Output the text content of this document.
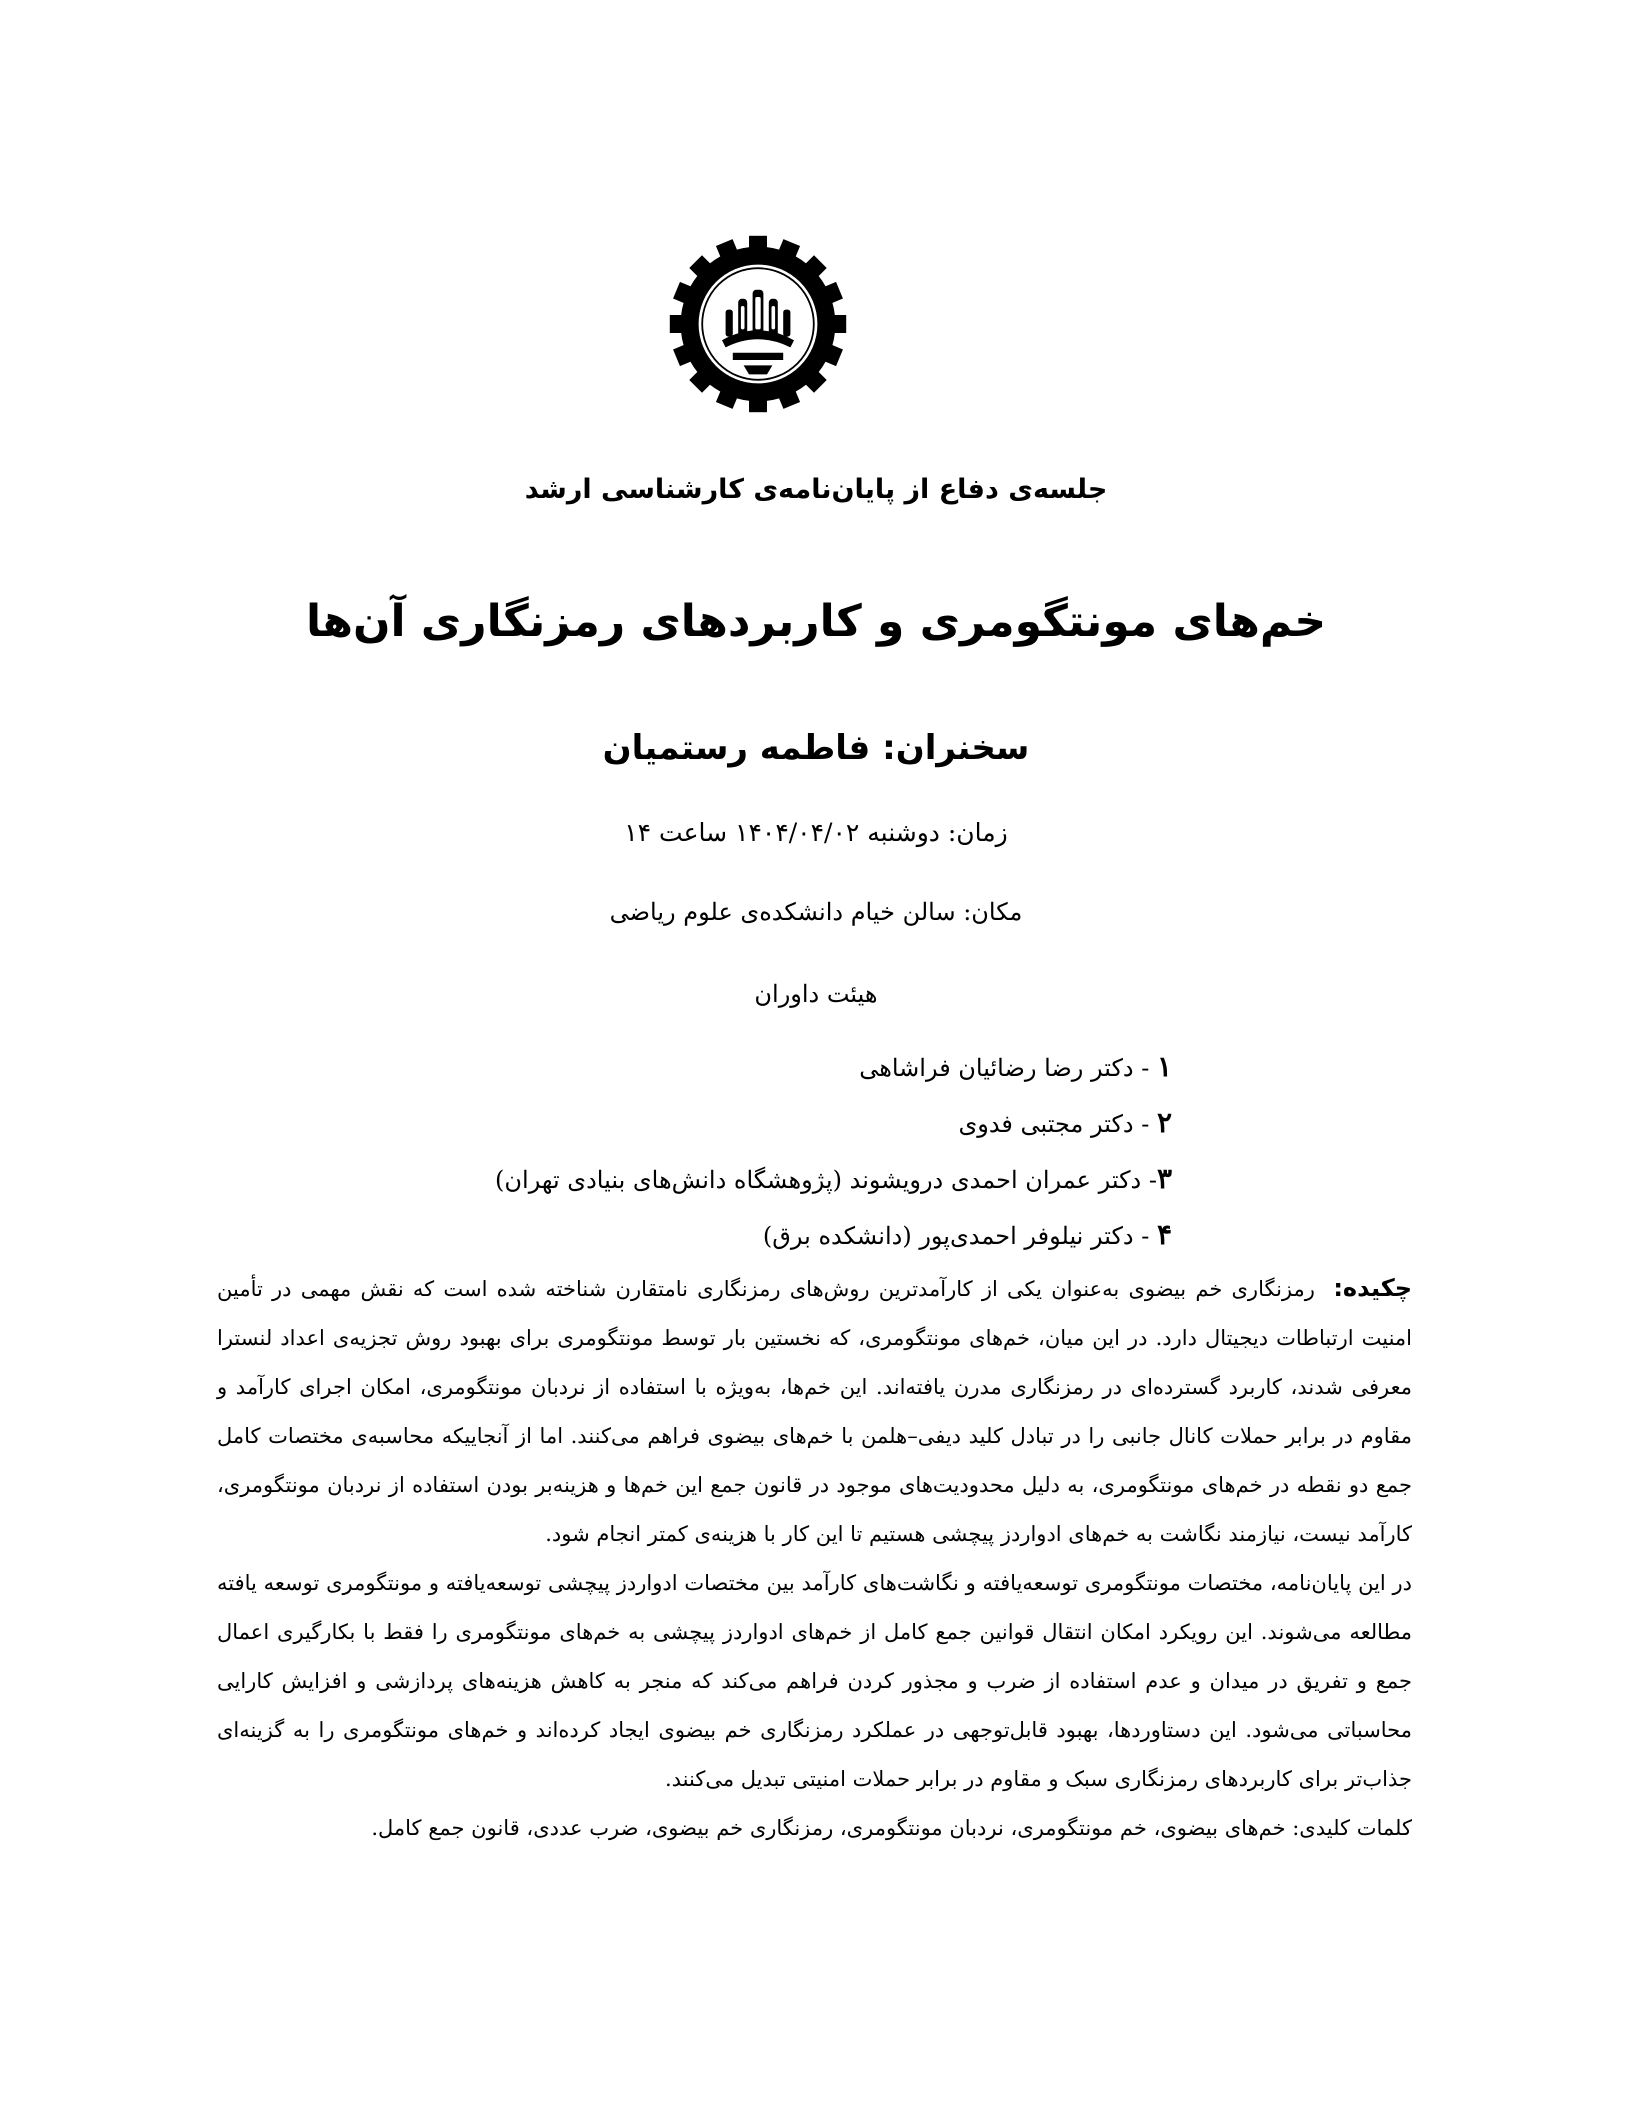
جلسه‌ی دفاع از پایان‌نامه‌ی کارشناسی ارشد
خم‌های مونتگومری و کاربردهای رمزنگاری آن‌ها
سخنران: فاطمه رستمیان
زمان: دوشنبه ۱۴۰۴/۰۴/۰۲ ساعت ۱۴
مکان: سالن خیام دانشکده‌ی علوم ریاضی
هیئت داوران
۱ - دکتر رضا رضائیان فراشاهی
۲ - دکتر مجتبی فدوی
۳- دکتر عمران احمدی درویشوند (پژوهشگاه دانش‌های بنیادی تهران)
۴ - دکتر نیلوفر احمدی‌پور (دانشکده برق)

چکیده:  رمزنگاری خم بیضوی به‌عنوان یکی از کارآمدترین روش‌های رمزنگاری نامتقارن شناخته شده است که نقش مهمی در تأمین امنیت ارتباطات دیجیتال دارد. در این میان، خم‌های مونتگومری، که نخستین بار توسط مونتگومری برای بهبود روش تجزیه‌ی اعداد لنسترا معرفی شدند، کاربرد گسترده‌ای در رمزنگاری مدرن یافته‌اند. این خم‌ها، به‌ویژه با استفاده از نردبان مونتگومری، امکان اجرای کارآمد و مقاوم در برابر حملات کانال جانبی را در تبادل کلید دیفی–هلمن با خم‌های بیضوی فراهم می‌کنند. اما از آنجاییکه محاسبه‌ی مختصات کامل جمع دو نقطه در خم‌های مونتگومری، به دلیل محدودیت‌های موجود در قانون جمع این خم‌ها و هزینه‌بر بودن استفاده از نردبان مونتگومری، کارآمد نیست، نیازمند نگاشت به خم‌های ادواردز پیچشی هستیم تا این کار با هزینه‌ی کمتر انجام شود.

در این پایان‌نامه، مختصات مونتگومری توسعه‌یافته و نگاشت‌های کارآمد بین مختصات ادواردز پیچشی توسعه‌یافته و مونتگومری توسعه یافته مطالعه می‌شوند. این رویکرد امکان انتقال قوانین جمع کامل از خم‌های ادواردز پیچشی به خم‌های مونتگومری را فقط با بکارگیری اعمال جمع و تفریق در میدان و عدم استفاده از ضرب و مجذور کردن فراهم می‌کند که منجر به کاهش هزینه‌های پردازشی و افزایش کارایی محاسباتی می‌شود. این دستاوردها، بهبود قابل‌توجهی در عملکرد رمزنگاری خم بیضوی ایجاد کرده‌اند و خم‌های مونتگومری را به گزینه‌ای جذاب‌تر برای کاربردهای رمزنگاری سبک و مقاوم در برابر حملات امنیتی تبدیل می‌کنند.

کلمات کلیدی: خم‌های بیضوی، خم مونتگومری، نردبان مونتگومری، رمزنگاری خم بیضوی، ضرب عددی، قانون جمع کامل.
